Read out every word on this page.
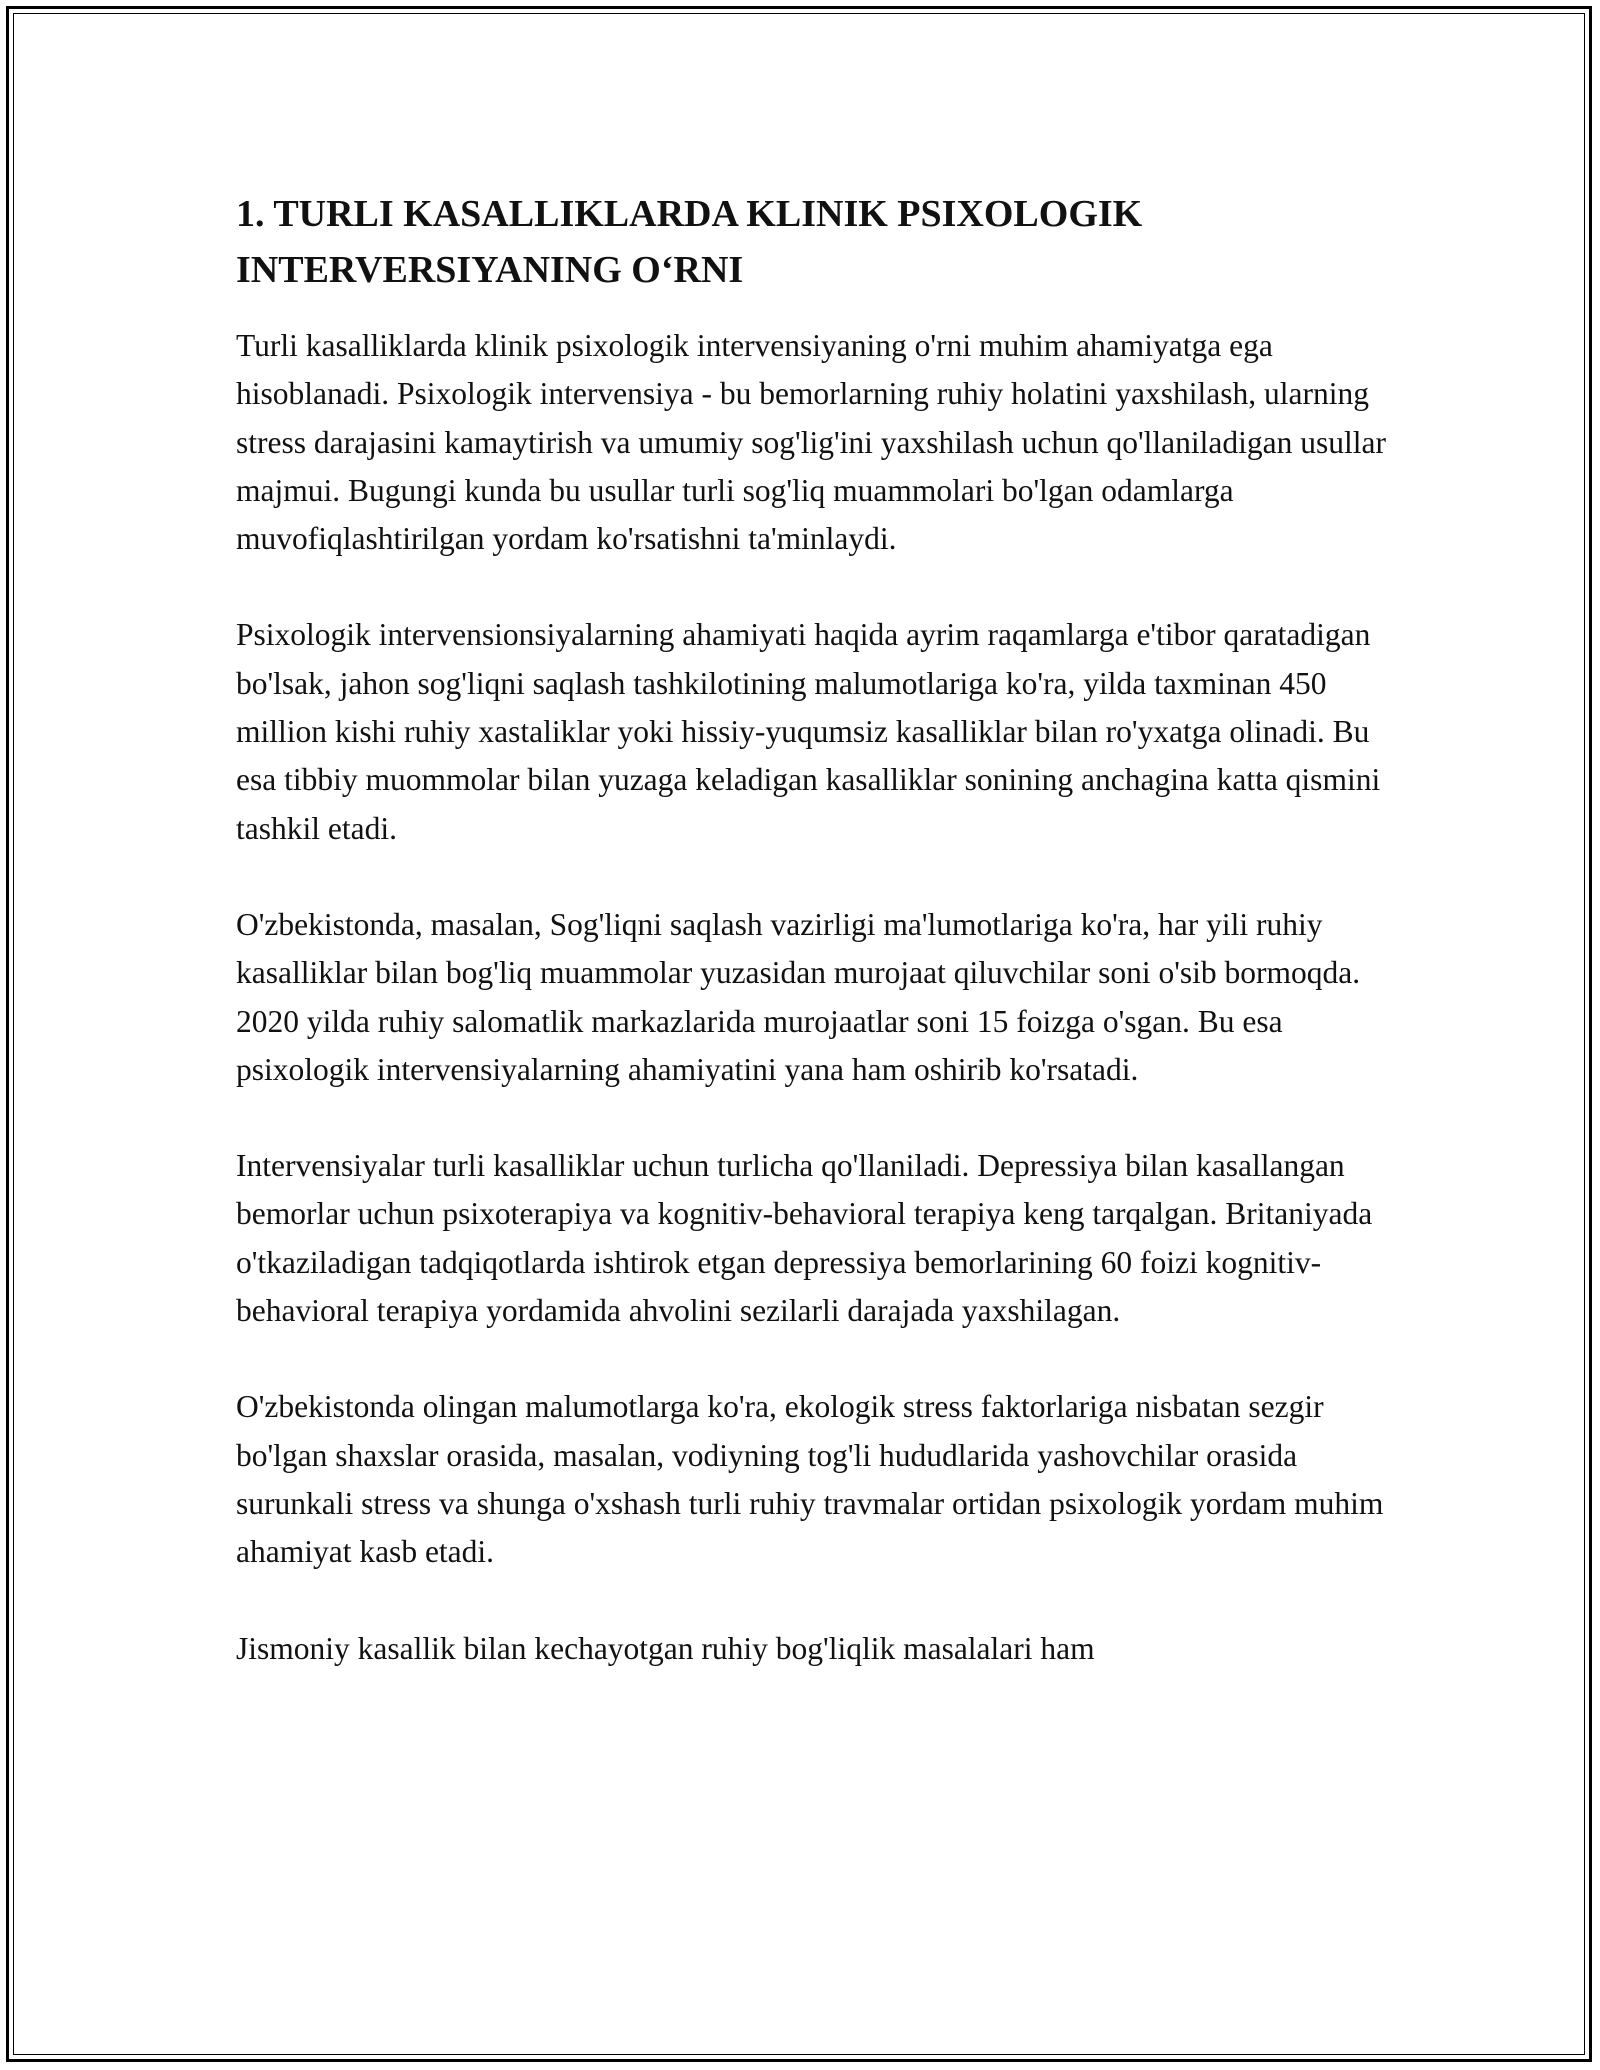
1. TURLI KASALLIKLARDA KLINIK PSIXOLOGIK
INTERVERSIYANING O‘RNI

Turli kasalliklarda klinik psixologik intervensiyaning o'rni muhim ahamiyatga ega hisoblanadi. Psixologik intervensiya - bu bemorlarning ruhiy holatini yaxshilash, ularning stress darajasini kamaytirish va umumiy sog'lig'ini yaxshilash uchun qo'llaniladigan usullar majmui. Bugungi kunda bu usullar turli sog'liq muammolari bo'lgan odamlarga muvofiqlashtirilgan yordam ko'rsatishni ta'minlaydi.

Psixologik intervensionsiyalarning ahamiyati haqida ayrim raqamlarga e'tibor qaratadigan bo'lsak, jahon sog'liqni saqlash tashkilotining malumotlariga ko'ra, yilda taxminan 450 million kishi ruhiy xastaliklar yoki hissiy-yuqumsiz kasalliklar bilan ro'yxatga olinadi. Bu esa tibbiy muommolar bilan yuzaga keladigan kasalliklar sonining anchagina katta qismini tashkil etadi.

O'zbekistonda, masalan, Sog'liqni saqlash vazirligi ma'lumotlariga ko'ra, har yili ruhiy kasalliklar bilan bog'liq muammolar yuzasidan murojaat qiluvchilar soni o'sib bormoqda. 2020 yilda ruhiy salomatlik markazlarida murojaatlar soni 15 foizga o'sgan. Bu esa psixologik intervensiyalarning ahamiyatini yana ham oshirib ko'rsatadi.

Intervensiyalar turli kasalliklar uchun turlicha qo'llaniladi. Depressiya bilan kasallangan bemorlar uchun psixoterapiya va kognitiv-behavioral terapiya keng tarqalgan. Britaniyada o'tkaziladigan tadqiqotlarda ishtirok etgan depressiya bemorlarining 60 foizi kognitiv-behavioral terapiya yordamida ahvolini sezilarli darajada yaxshilagan.

O'zbekistonda olingan malumotlarga ko'ra, ekologik stress faktorlariga nisbatan sezgir bo'lgan shaxslar orasida, masalan, vodiyning tog'li hududlarida yashovchilar orasida surunkali stress va shunga o'xshash turli ruhiy travmalar ortidan psixologik yordam muhim ahamiyat kasb etadi.

Jismoniy kasallik bilan kechayotgan ruhiy bog'liqlik masalalari ham
